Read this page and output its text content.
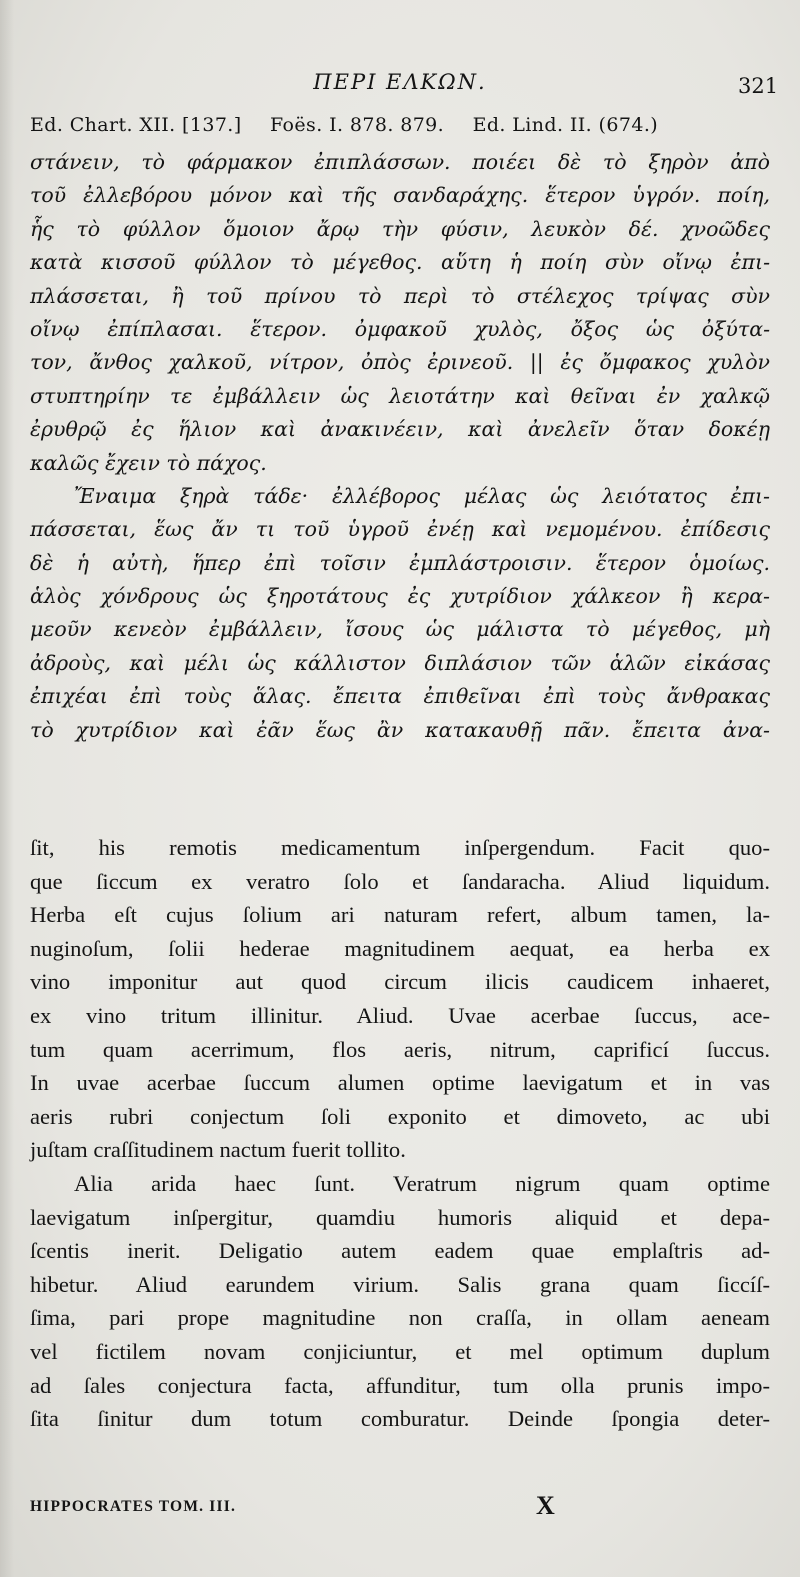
ΠΕΡΙ ΕΛΚΩΝ.	321
Ed. Chart. XII. [137.] Foës. I. 878. 879. Ed. Lind. II. (674.)
στάνειν, τὸ φάρμακον ἐπιπλάσσων. ποιέει δὲ τὸ ξηρὸν ἀπὸ
τοῦ ἐλλεβόρου μόνον καὶ τῆς σανδαράχης. ἕτερον ὑγρόν. ποίη,
ἧς τὸ φύλλον ὅμοιον ἄρῳ τὴν φύσιν, λευκὸν δέ. χνοῶδες
κατὰ κισσοῦ φύλλον τὸ μέγεθος. αὕτη ἡ ποίη σὺν οἴνῳ ἐπι-
πλάσσεται, ἢ τοῦ πρίνου τὸ περὶ τὸ στέλεχος τρίψας σὺν
οἴνῳ ἐπίπλασαι. ἕτερον. ὀμφακοῦ χυλὸς, ὄξος ὡς ὀξύτα-
τον, ἄνθος χαλκοῦ, νίτρον, ὀπὸς ἐρινεοῦ. || ἐς ὄμφακος χυλὸν
στυπτηρίην τε ἐμβάλλειν ὡς λειοτάτην καὶ θεῖναι ἐν χαλκῷ
ἐρυθρῷ ἐς ἥλιον καὶ ἀνακινέειν, καὶ ἀνελεῖν ὅταν δοκέῃ
καλῶς ἔχειν τὸ πάχος.
Ἔναιμα ξηρὰ τάδε· ἐλλέβορος μέλας ὡς λειότατος ἐπι-
πάσσεται, ἕως ἄν τι τοῦ ὑγροῦ ἐνέῃ καὶ νεμομένου. ἐπίδεσις
δὲ ἡ αὐτὴ, ἥπερ ἐπὶ τοῖσιν ἐμπλάστροισιν. ἕτερον ὁμοίως.
ἁλὸς χόνδρους ὡς ξηροτάτους ἐς χυτρίδιον χάλκεον ἢ κερα-
μεοῦν κενεὸν ἐμβάλλειν, ἴσους ὡς μάλιστα τὸ μέγεθος, μὴ
ἀδροὺς, καὶ μέλι ὡς κάλλιστον διπλάσιον τῶν ἁλῶν εἰκάσας
ἐπιχέαι ἐπὶ τοὺς ἅλας. ἔπειτα ἐπιθεῖναι ἐπὶ τοὺς ἄνθρακας
τὸ χυτρίδιον καὶ ἐᾶν ἕως ἂν κατακαυθῇ πᾶν. ἔπειτα ἀνα-
ſit, his remotis medicamentum inſpergendum. Facit quo-
que ſiccum ex veratro ſolo et ſandaracha. Aliud liquidum.
Herba eſt cujus ſolium ari naturam refert, album tamen, la-
nuginoſum, ſolii hederae magnitudinem aequat, ea herba ex
vino imponitur aut quod circum ilicis caudicem inhaeret,
ex vino tritum illinitur. Aliud. Uvae acerbae ſuccus, ace-
tum quam acerrimum, flos aeris, nitrum, caprificí ſuccus.
In uvae acerbae ſuccum alumen optime laevigatum et in vas
aeris rubri conjectum ſoli exponito et dimoveto, ac ubi
juſtam craſſitudinem nactum fuerit tollito.
Alia arida haec ſunt. Veratrum nigrum quam optime
laevigatum inſpergitur, quamdiu humoris aliquid et depa-
ſcentis inerit. Deligatio autem eadem quae emplaſtris ad-
hibetur. Aliud earundem virium. Salis grana quam ſiccíſ-
ſima, pari prope magnitudine non craſſa, in ollam aeneam
vel fictilem novam conjiciuntur, et mel optimum duplum
ad ſales conjectura facta, affunditur, tum olla prunis impo-
ſita ſinitur dum totum comburatur. Deinde ſpongia deter-
HIPPOCRATES TOM. III.	X
